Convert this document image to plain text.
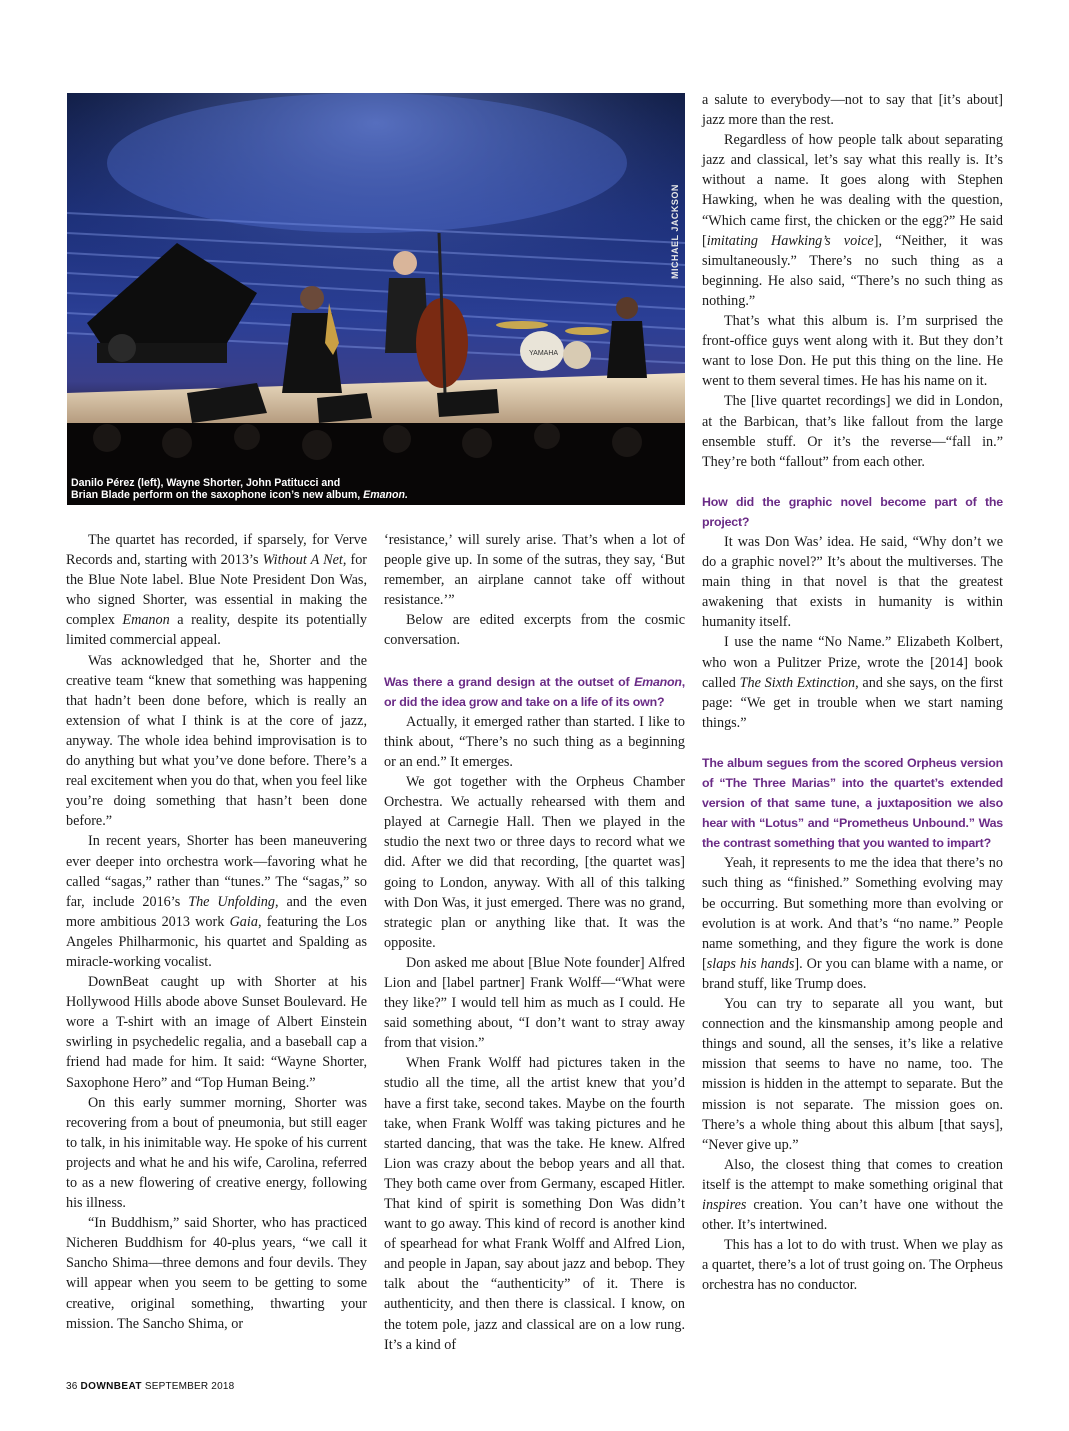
YAMAHA
MICHAEL JACKSON
Danilo Pérez (left), Wayne Shorter, John Patitucci and
Brian Blade perform on the saxophone icon’s new album, Emanon.

The quartet has recorded, if sparsely, for Verve Records and, starting with 2013’s Without A Net, for the Blue Note label. Blue Note President Don Was, who signed Shorter, was essential in making the complex Emanon a reality, despite its potentially limited commercial appeal.

Was acknowledged that he, Shorter and the creative team “knew that something was happening that hadn’t been done before, which is really an extension of what I think is at the core of jazz, anyway. The whole idea behind improvisation is to do anything but what you’ve done before. There’s a real excitement when you do that, when you feel like you’re doing something that hasn’t been done before.”

In recent years, Shorter has been maneuvering ever deeper into orchestra work—favoring what he called “sagas,” rather than “tunes.” The “sagas,” so far, include 2016’s The Unfolding, and the even more ambitious 2013 work Gaia, featuring the Los Angeles Philharmonic, his quartet and Spalding as miracle-working vocalist.

DownBeat caught up with Shorter at his Hollywood Hills abode above Sunset Boulevard. He wore a T-shirt with an image of Albert Einstein swirling in psychedelic regalia, and a baseball cap a friend had made for him. It said: “Wayne Shorter, Saxophone Hero” and “Top Human Being.”

On this early summer morning, Shorter was recovering from a bout of pneumonia, but still eager to talk, in his inimitable way. He spoke of his current projects and what he and his wife, Carolina, referred to as a new flowering of creative energy, following his illness.

“In Buddhism,” said Shorter, who has practiced Nicheren Buddhism for 40-plus years, “we call it Sancho Shima—three demons and four devils. They will appear when you seem to be getting to some creative, original something, thwarting your mission. The Sancho Shima, or

‘resistance,’ will surely arise. That’s when a lot of people give up. In some of the sutras, they say, ‘But remember, an airplane cannot take off without resistance.’”

Below are edited excerpts from the cosmic conversation.

Was there a grand design at the outset of Emanon, or did the idea grow and take on a life of its own?

Actually, it emerged rather than started. I like to think about, “There’s no such thing as a beginning or an end.” It emerges.

We got together with the Orpheus Chamber Orchestra. We actually rehearsed with them and played at Carnegie Hall. Then we played in the studio the next two or three days to record what we did. After we did that recording, [the quartet was] going to London, anyway. With all of this talking with Don Was, it just emerged. There was no grand, strategic plan or anything like that. It was the opposite.

Don asked me about [Blue Note founder] Alfred Lion and [label partner] Frank Wolff—“What were they like?” I would tell him as much as I could. He said something about, “I don’t want to stray away from that vision.”

When Frank Wolff had pictures taken in the studio all the time, all the artist knew that you’d have a first take, second takes. Maybe on the fourth take, when Frank Wolff was taking pictures and he started dancing, that was the take. He knew. Alfred Lion was crazy about the bebop years and all that. They both came over from Germany, escaped Hitler. That kind of spirit is something Don Was didn’t want to go away. This kind of record is another kind of spearhead for what Frank Wolff and Alfred Lion, and people in Japan, say about jazz and bebop. They talk about the “authenticity” of it. There is authenticity, and then there is classical. I know, on the totem pole, jazz and classical are on a low rung. It’s a kind of

a salute to everybody—not to say that [it’s about] jazz more than the rest.

Regardless of how people talk about separating jazz and classical, let’s say what this really is. It’s without a name. It goes along with Stephen Hawking, when he was dealing with the question, “Which came first, the chicken or the egg?” He said [imitating Hawking’s voice], “Neither, it was simultaneously.” There’s no such thing as a beginning. He also said, “There’s no such thing as nothing.”

That’s what this album is. I’m surprised the front-office guys went along with it. But they don’t want to lose Don. He put this thing on the line. He went to them several times. He has his name on it.

The [live quartet recordings] we did in London, at the Barbican, that’s like fallout from the large ensemble stuff. Or it’s the reverse—“fall in.” They’re both “fallout” from each other.

How did the graphic novel become part of the project?

It was Don Was’ idea. He said, “Why don’t we do a graphic novel?” It’s about the multiverses. The main thing in that novel is that the greatest awakening that exists in humanity is within humanity itself.

I use the name “No Name.” Elizabeth Kolbert, who won a Pulitzer Prize, wrote the [2014] book called The Sixth Extinction, and she says, on the first page: “We get in trouble when we start naming things.”

The album segues from the scored Orpheus version of “The Three Marias” into the quartet’s extended version of that same tune, a juxtaposition we also hear with “Lotus” and “Prometheus Unbound.” Was the contrast something that you wanted to impart?

Yeah, it represents to me the idea that there’s no such thing as “finished.” Something evolving may be occurring. But something more than evolving or evolution is at work. And that’s “no name.” People name something, and they figure the work is done [slaps his hands]. Or you can blame with a name, or brand stuff, like Trump does.

You can try to separate all you want, but connection and the kinsmanship among people and things and sound, all the senses, it’s like a relative mission that seems to have no name, too. The mission is hidden in the attempt to separate. But the mission is not separate. The mission goes on. There’s a whole thing about this album [that says], “Never give up.”

Also, the closest thing that comes to creation itself is the attempt to make something original that inspires creation. You can’t have one without the other. It’s intertwined.

This has a lot to do with trust. When we play as a quartet, there’s a lot of trust going on. The Orpheus orchestra has no conductor.

36 DOWNBEAT SEPTEMBER 2018
